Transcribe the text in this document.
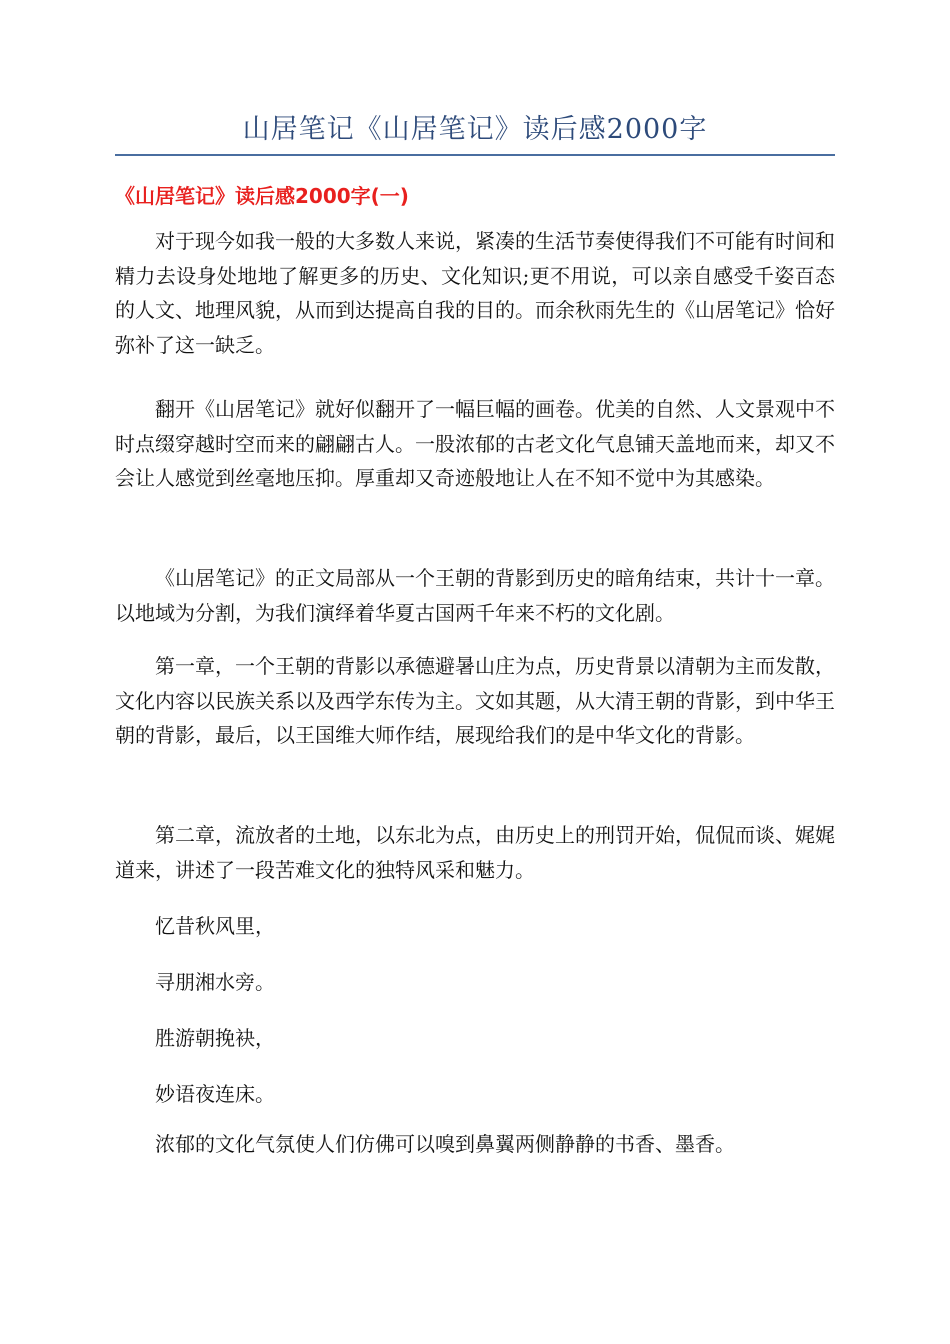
山居笔记《山居笔记》读后感2000字
《山居笔记》读后感2000字(一)

对于现今如我一般的大多数人来说，紧凑的生活节奏使得我们不可能有时间和精力去设身处地地了解更多的历史、文化知识;更不用说，可以亲自感受千姿百态的人文、地理风貌，从而到达提高自我的目的。而余秋雨先生的《山居笔记》恰好弥补了这一缺乏。

翻开《山居笔记》就好似翻开了一幅巨幅的画卷。优美的自然、人文景观中不时点缀穿越时空而来的翩翩古人。一股浓郁的古老文化气息铺天盖地而来，却又不会让人感觉到丝毫地压抑。厚重却又奇迹般地让人在不知不觉中为其感染。

《山居笔记》的正文局部从一个王朝的背影到历史的暗角结束，共计十一章。以地域为分割，为我们演绎着华夏古国两千年来不朽的文化剧。

第一章，一个王朝的背影以承德避暑山庄为点，历史背景以清朝为主而发散，文化内容以民族关系以及西学东传为主。文如其题，从大清王朝的背影，到中华王朝的背影，最后，以王国维大师作结，展现给我们的是中华文化的背影。

第二章，流放者的土地，以东北为点，由历史上的刑罚开始，侃侃而谈、娓娓道来，讲述了一段苦难文化的独特风采和魅力。

忆昔秋风里，

寻朋湘水旁。

胜游朝挽袂，

妙语夜连床。

浓郁的文化气氛使人们仿佛可以嗅到鼻翼两侧静静的书香、墨香。
